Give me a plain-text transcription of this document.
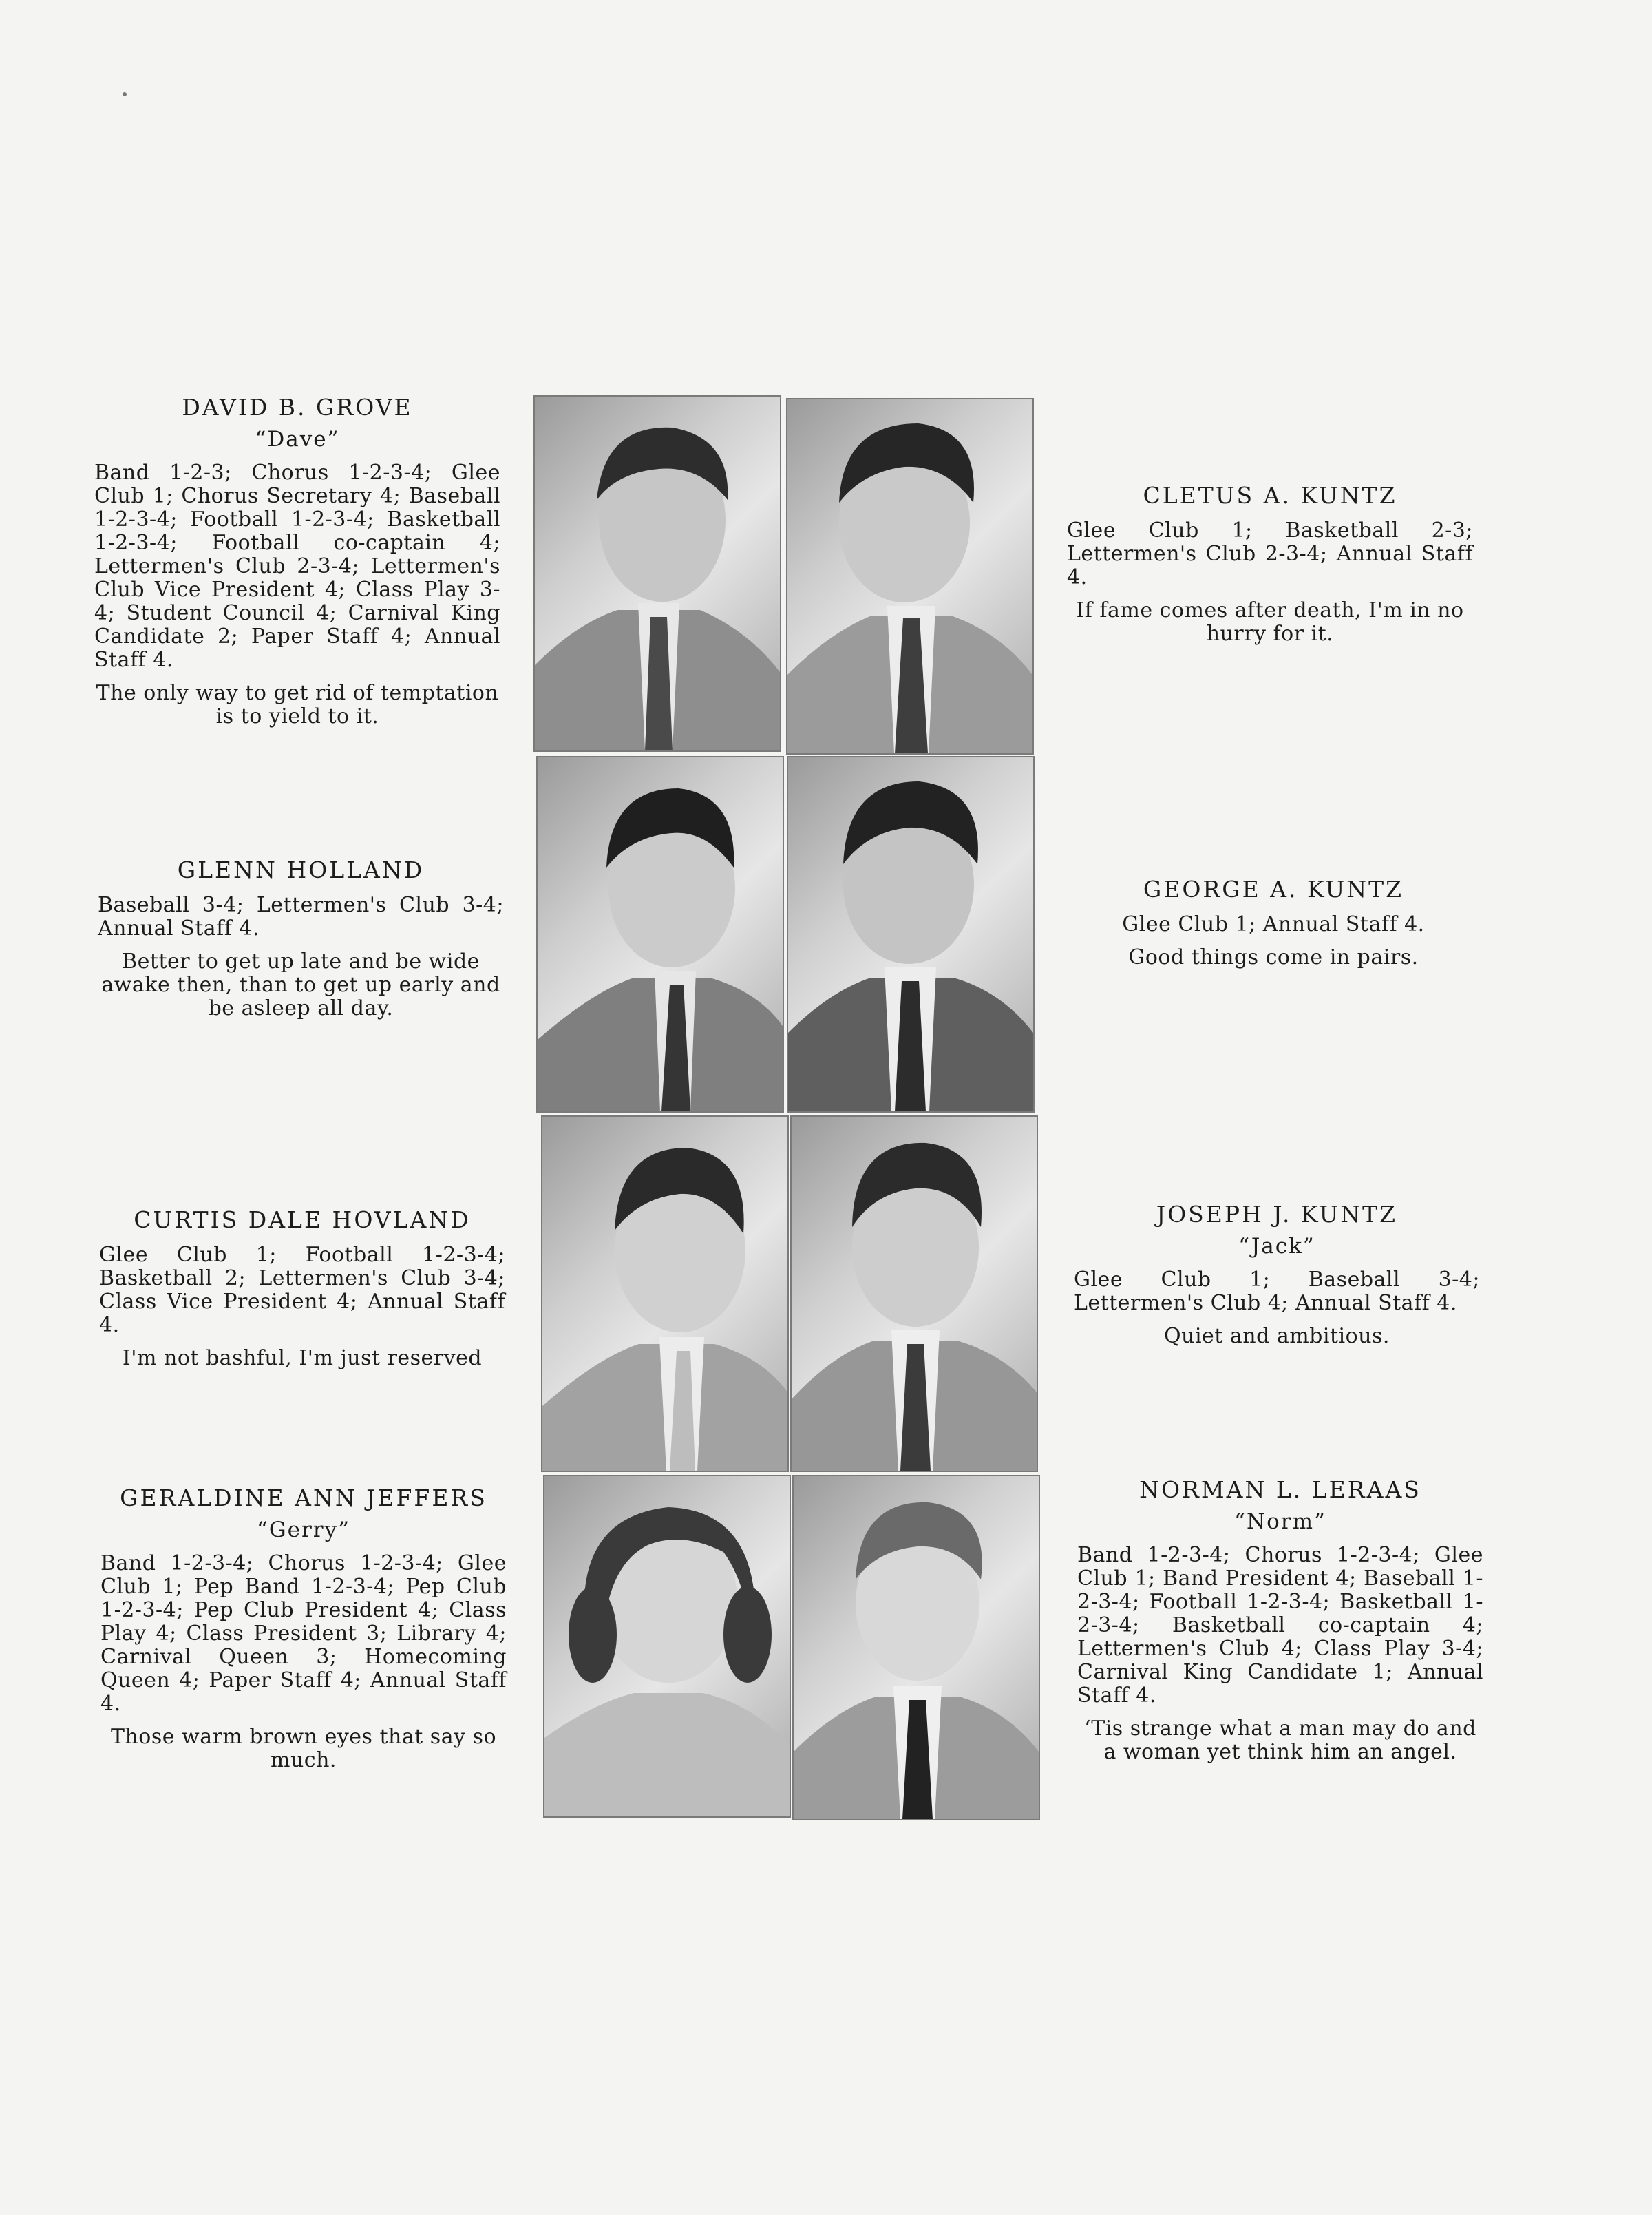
DAVID B. GROVE

“Dave”

Band 1-2-3; Chorus 1-2-3-4; Glee Club 1; Chorus Secretary 4; Baseball 1-2-3-4; Football 1-2-3-4; Basketball 1-2-3-4; Football co-captain 4; Lettermen's Club 2-3-4; Lettermen's Club Vice President 4; Class Play 3-4; Student Council 4; Carnival King Candidate 2; Paper Staff 4; Annual Staff 4.

The only way to get rid of temptation is to yield to it.

CLETUS A. KUNTZ

Glee Club 1; Basketball 2-3; Lettermen's Club 2-3-4; Annual Staff 4.

If fame comes after death, I'm in no hurry for it.

GLENN HOLLAND

Baseball 3-4; Lettermen's Club 3-4; Annual Staff 4.

Better to get up late and be wide awake then, than to get up early and be asleep all day.

GEORGE A. KUNTZ

Glee Club 1; Annual Staff 4.

Good things come in pairs.

CURTIS DALE HOVLAND

Glee Club 1; Football 1-2-3-4; Basketball 2; Lettermen's Club 3-4; Class Vice President 4; Annual Staff 4.

I'm not bashful, I'm just reserved

JOSEPH J. KUNTZ

“Jack”

Glee Club 1; Baseball 3-4; Lettermen's Club 4; Annual Staff 4.

Quiet and ambitious.

GERALDINE ANN JEFFERS

“Gerry”

Band 1-2-3-4; Chorus 1-2-3-4; Glee Club 1; Pep Band 1-2-3-4; Pep Club 1-2-3-4; Pep Club President 4; Class Play 4; Class President 3; Library 4; Carnival Queen 3; Homecoming Queen 4; Paper Staff 4; Annual Staff 4.

Those warm brown eyes that say so much.

NORMAN L. LERAAS

“Norm”

Band 1-2-3-4; Chorus 1-2-3-4; Glee Club 1; Band President 4; Baseball 1-2-3-4; Football 1-2-3-4; Basketball 1-2-3-4; Basketball co-captain 4; Lettermen's Club 4; Class Play 3-4; Carnival King Candidate 1; Annual Staff 4.

‘Tis strange what a man may do and a woman yet think him an angel.
